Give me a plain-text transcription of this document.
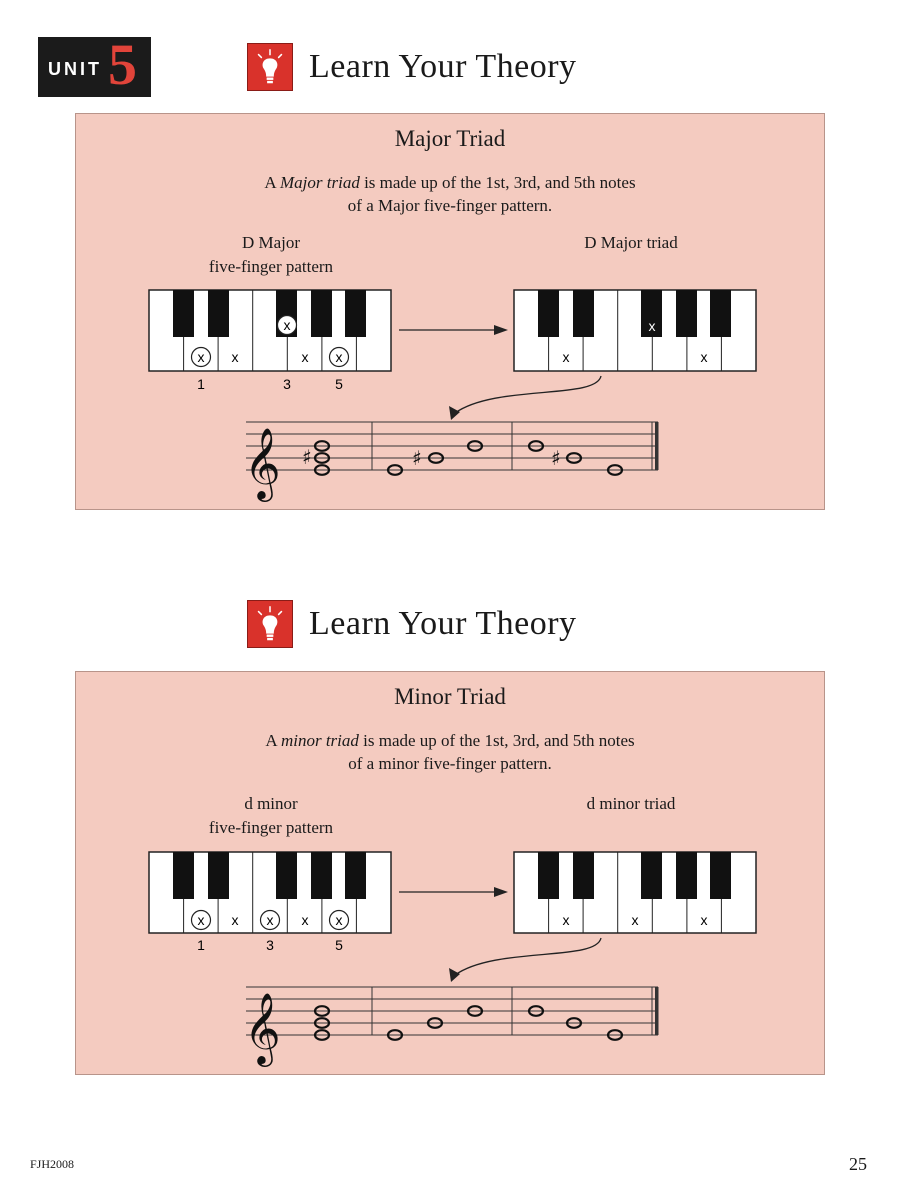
UNIT 5	Learn Your Theory
Major Triad
A Major triad is made up of the 1st, 3rd, and 5th notes
of a Major five-finger pattern.
D Major
five-finger pattern
D Major triad
x x
x
x x
1	3	5
x
x
x
𝄞 ♯	♯	♯
Learn Your Theory
Minor Triad
A minor triad is made up of the 1st, 3rd, and 5th notes
of a minor five-finger pattern.
d minor
five-finger pattern
d minor triad
x x x x x
1	3	5
x	x	x
𝄞
FJH2008	25
